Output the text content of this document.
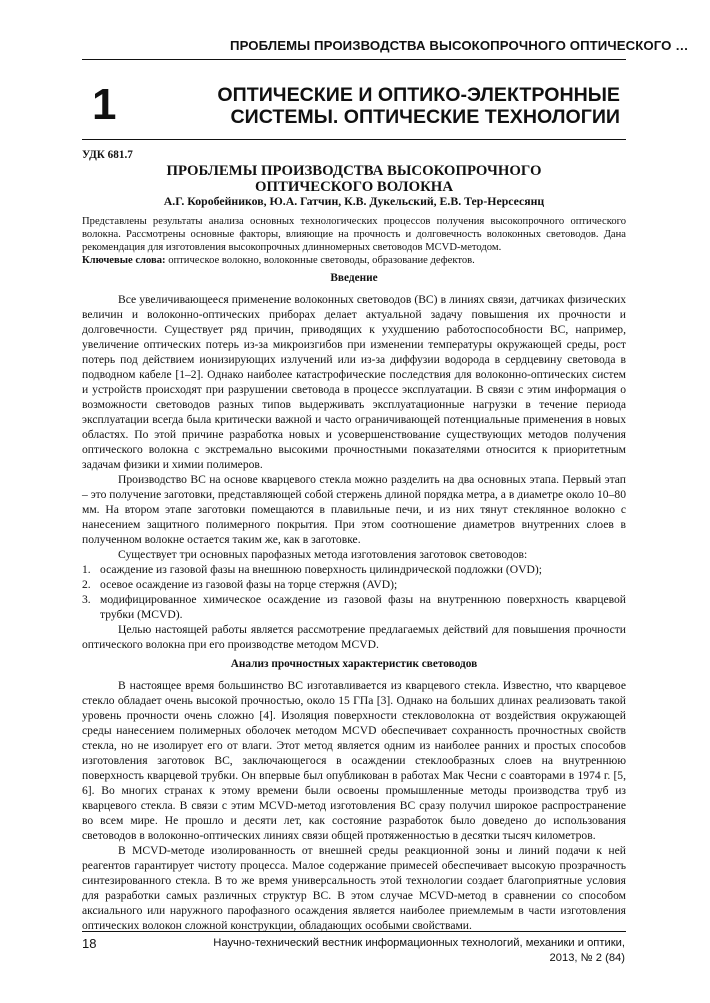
ПРОБЛЕМЫ ПРОИЗВОДСТВА ВЫСОКОПРОЧНОГО ОПТИЧЕСКОГО …
1	ОПТИЧЕСКИЕ И ОПТИКО-ЭЛЕКТРОННЫЕ
СИСТЕМЫ. ОПТИЧЕСКИЕ ТЕХНОЛОГИИ
УДК 681.7
ПРОБЛЕМЫ ПРОИЗВОДСТВА ВЫСОКОПРОЧНОГО
ОПТИЧЕСКОГО ВОЛОКНА
А.Г. Коробейников, Ю.А. Гатчин, К.В. Дукельский, Е.В. Тер-Нерсесянц
Представлены результаты анализа основных технологических процессов получения высокопрочного оптического волокна. Рассмотрены основные факторы, влияющие на прочность и долговечность волоконных световодов. Дана рекомендация для изготовления высокопрочных длинномерных световодов MCVD-методом.
Ключевые слова: оптическое волокно, волоконные световоды, образование дефектов.
Введение

Все увеличивающееся применение волоконных световодов (ВС) в линиях связи, датчиках физических величин и волоконно-оптических приборах делает актуальной задачу повышения их прочности и долговечности. Существует ряд причин, приводящих к ухудшению работоспособности ВС, например, увеличение оптических потерь из-за микроизгибов при изменении температуры окружающей среды, рост потерь под действием ионизирующих излучений или из-за диффузии водорода в сердцевину световода в подводном кабеле [1–2]. Однако наиболее катастрофические последствия для волоконно-оптических систем и устройств происходят при разрушении световода в процессе эксплуатации. В связи с этим информация о возможности световодов разных типов выдерживать эксплуатационные нагрузки в течение периода эксплуатации всегда была критически важной и часто ограничивающей потенциальные применения в новых областях. По этой причине разработка новых и усовершенствование существующих методов получения оптического волокна с экстремально высокими прочностными показателями относится к приоритетным задачам физики и химии полимеров.

Производство ВС на основе кварцевого стекла можно разделить на два основных этапа. Первый этап – это получение заготовки, представляющей собой стержень длиной порядка метра, а в диаметре около 10–80 мм. На втором этапе заготовки помещаются в плавильные печи, и из них тянут стеклянное волокно с нанесением защитного полимерного покрытия. При этом соотношение диаметров внутренних слоев в полученном волокне остается таким же, как в заготовке.

Существует три основных парофазных метода изготовления заготовок световодов:

1. осаждение из газовой фазы на внешнюю поверхность цилиндрической подложки (OVD);
2. осевое осаждение из газовой фазы на торце стержня (AVD);
3. модифицированное химическое осаждение из газовой фазы на внутреннюю поверхность кварцевой трубки (MCVD).

Целью настоящей работы является рассмотрение предлагаемых действий для повышения прочности оптического волокна при его производстве методом MCVD.

Анализ прочностных характеристик световодов

В настоящее время большинство ВС изготавливается из кварцевого стекла. Известно, что кварцевое стекло обладает очень высокой прочностью, около 15 ГПа [3]. Однако на больших длинах реализовать такой уровень прочности очень сложно [4]. Изоляция поверхности стекловолокна от воздействия окружающей среды нанесением полимерных оболочек методом MCVD обеспечивает сохранность прочностных свойств стекла, но не изолирует его от влаги. Этот метод является одним из наиболее ранних и простых способов изготовления заготовок ВС, заключающегося в осаждении стеклообразных слоев на внутреннюю поверхность кварцевой трубки. Он впервые был опубликован в работах Мак Чесни с соавторами в 1974 г. [5, 6]. Во многих странах к этому времени были освоены промышленные методы производства труб из кварцевого стекла. В связи с этим MCVD-метод изготовления ВС сразу получил широкое распространение во всем мире. Не прошло и десяти лет, как состояние разработок было доведено до использования световодов в волоконно-оптических линиях связи общей протяженностью в десятки тысяч километров.

В MCVD-методе изолированность от внешней среды реакционной зоны и линий подачи к ней реагентов гарантирует чистоту процесса. Малое содержание примесей обеспечивает высокую прозрачность синтезированного стекла. В то же время универсальность этой технологии создает благоприятные условия для разработки самых различных структур ВС. В этом случае MCVD-метод в сравнении со способом аксиального или наружного парофазного осаждения является наиболее приемлемым в части изготовления оптических волокон сложной конструкции, обладающих особыми свойствами.

18	Научно-технический вестник информационных технологий, механики и оптики,
2013, № 2 (84)
